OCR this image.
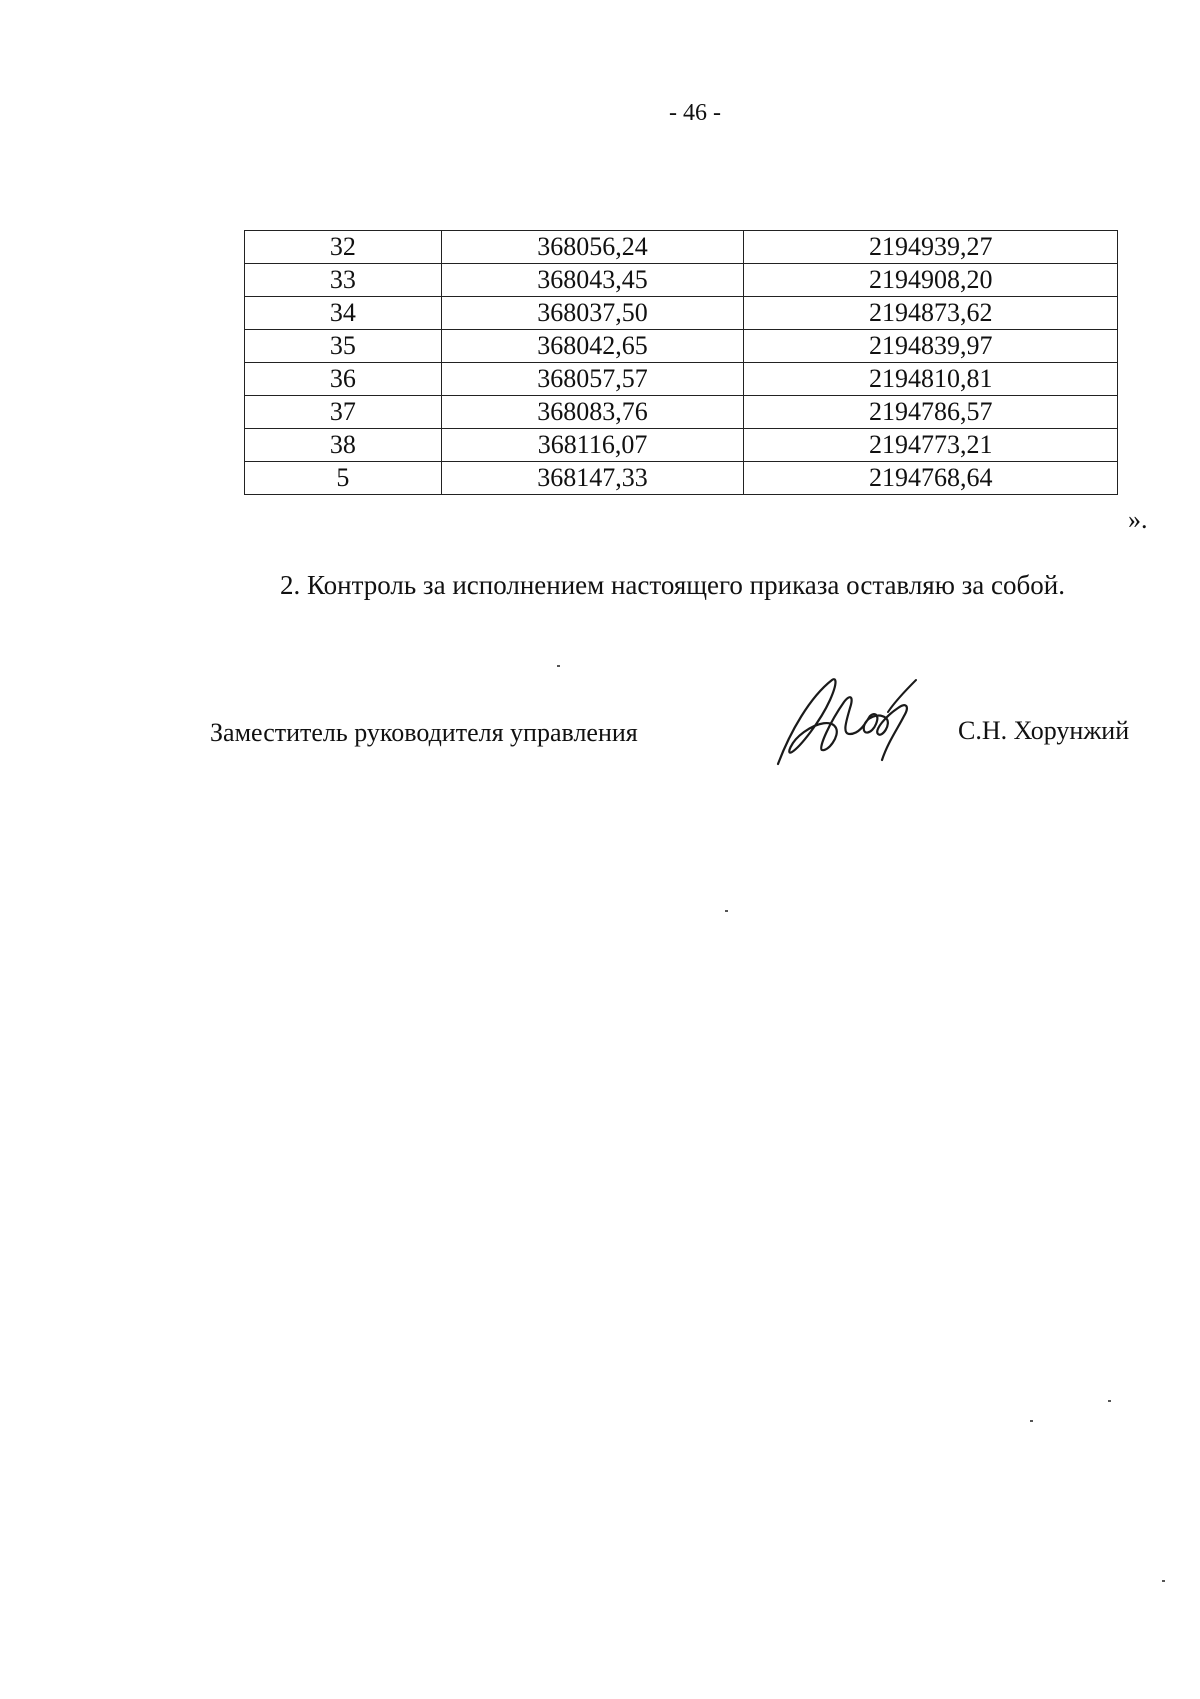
- 46 -
32	368056,24	2194939,27
33	368043,45	2194908,20
34	368037,50	2194873,62
35	368042,65	2194839,97
36	368057,57	2194810,81
37	368083,76	2194786,57
38	368116,07	2194773,21
5	368147,33	2194768,64
».
2. Контроль за исполнением настоящего приказа оставляю за собой.
Заместитель руководителя управления	С.Н. Хорунжий
